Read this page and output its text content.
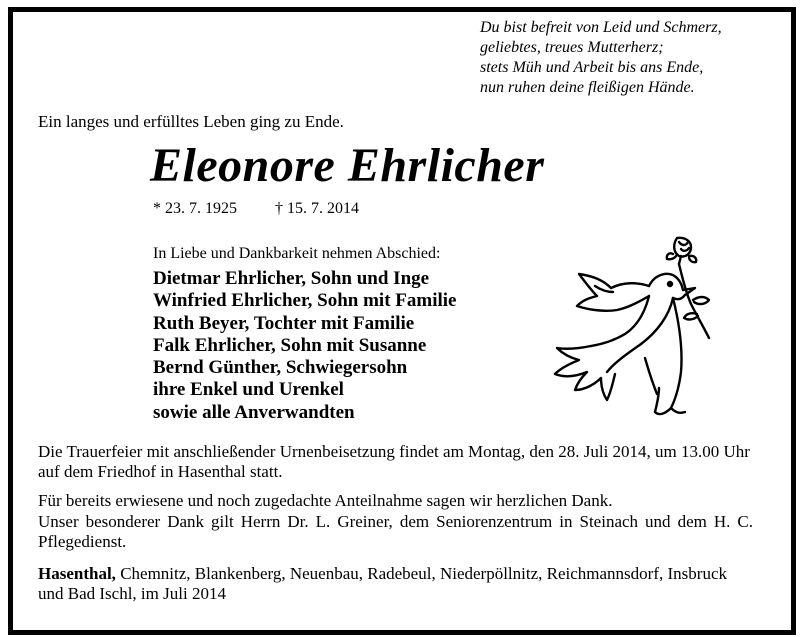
Du bist befreit von Leid und Schmerz,
geliebtes, treues Mutterherz;
stets Müh und Arbeit bis ans Ende,
nun ruhen deine fleißigen Hände.
Ein langes und erfülltes Leben ging zu Ende.
Eleonore Ehrlicher
* 23. 7. 1925 † 15. 7. 2014
In Liebe und Dankbarkeit nehmen Abschied:
Dietmar Ehrlicher, Sohn und Inge
Winfried Ehrlicher, Sohn mit Familie
Ruth Beyer, Tochter mit Familie
Falk Ehrlicher, Sohn mit Susanne
Bernd Günther, Schwiegersohn
ihre Enkel und Urenkel
sowie alle Anverwandten
Die Trauerfeier mit anschließender Urnenbeisetzung findet am Montag, den 28. Juli 2014, um 13.00 Uhr auf dem Friedhof in Hasenthal statt.
Für bereits erwiesene und noch zugedachte Anteilnahme sagen wir herzlichen Dank.
Unser besonderer Dank gilt Herrn Dr. L. Greiner, dem Seniorenzentrum in Steinach und dem H. C. Pflegedienst.
Hasenthal, Chemnitz, Blankenberg, Neuenbau, Radebeul, Niederpöllnitz, Reichmannsdorf, Insbruck und Bad Ischl, im Juli 2014
